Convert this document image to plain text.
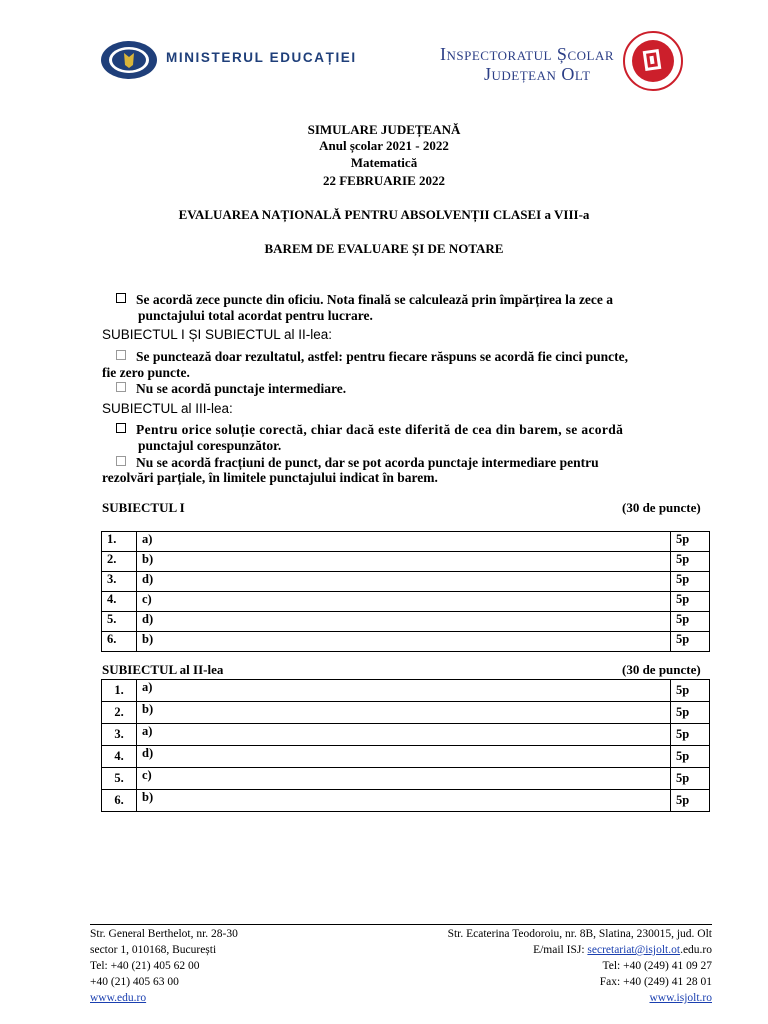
MINISTERUL EDUCAȚIEI	Inspectoratul Școlar
Județean Olt
SIMULARE JUDEȚEANĂ
Anul școlar 2021 - 2022
Matematică
22 FEBRUARIE 2022
EVALUAREA NAȚIONALĂ PENTRU ABSOLVENȚII CLASEI a VIII-a
BAREM DE EVALUARE ȘI DE NOTARE
Se acordă zece puncte din oficiu. Nota finală se calculează prin împărțirea la zece a
punctajului total acordat pentru lucrare.
SUBIECTUL I ȘI SUBIECTUL al II-lea:
Se punctează doar rezultatul, astfel: pentru fiecare răspuns se acordă fie cinci puncte,
fie zero puncte.
Nu se acordă punctaje intermediare.
SUBIECTUL al III-lea:
Pentru orice soluție corectă, chiar dacă este diferită de cea din barem, se acordă
punctajul corespunzător.
Nu se acordă fracțiuni de punct, dar se pot acorda punctaje intermediare pentru
rezolvări parțiale, în limitele punctajului indicat în barem.
SUBIECTUL I	(30 de puncte)
1.	a)	5p
2.	b)	5p
3.	d)	5p
4.	c)	5p
5.	d)	5p
6.	b)	5p
SUBIECTUL al II-lea	(30 de puncte)
1.	a)	5p
2.	b)	5p
3.	a)	5p
4.	d)	5p
5.	c)	5p
6.	b)	5p
Str. General Berthelot, nr. 28-30
sector 1, 010168, București
Tel: +40 (21) 405 62 00
+40 (21) 405 63 00
www.edu.ro
Str. Ecaterina Teodoroiu, nr. 8B, Slatina, 230015, jud. Olt
E/mail ISJ: secretariat@isjolt.ot.edu.ro
Tel: +40 (249) 41 09 27
Fax: +40 (249) 41 28 01
www.isjolt.ro
